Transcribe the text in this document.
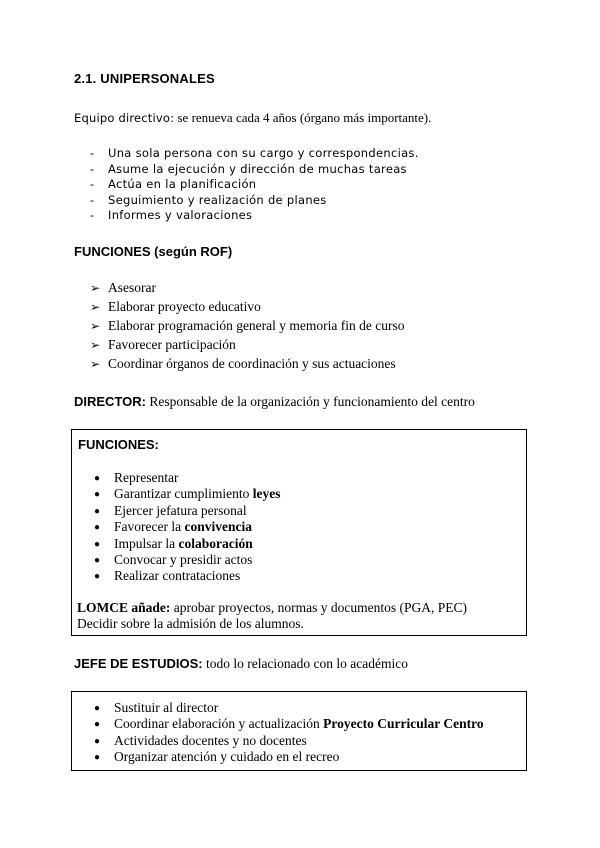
2.1. UNIPERSONALES
Equipo directivo: se renueva cada 4 años (órgano más importante).
- Una sola persona con su cargo y correspondencias.
- Asume la ejecución y dirección de muchas tareas
- Actúa en la planificación
- Seguimiento y realización de planes
- Informes y valoraciones
FUNCIONES (según ROF)
➢ Asesorar
➢ Elaborar proyecto educativo
➢ Elaborar programación general y memoria fin de curso
➢ Favorecer participación
➢ Coordinar órganos de coordinación y sus actuaciones
DIRECTOR: Responsable de la organización y funcionamiento del centro
FUNCIONES:
● Representar
● Garantizar cumplimiento leyes
● Ejercer jefatura personal
● Favorecer la convivencia
● Impulsar la colaboración
● Convocar y presidir actos
● Realizar contrataciones
LOMCE añade: aprobar proyectos, normas y documentos (PGA, PEC)
Decidir sobre la admisión de los alumnos.
JEFE DE ESTUDIOS: todo lo relacionado con lo académico
● Sustituir al director
● Coordinar elaboración y actualización Proyecto Curricular Centro
● Actividades docentes y no docentes
● Organizar atención y cuidado en el recreo
